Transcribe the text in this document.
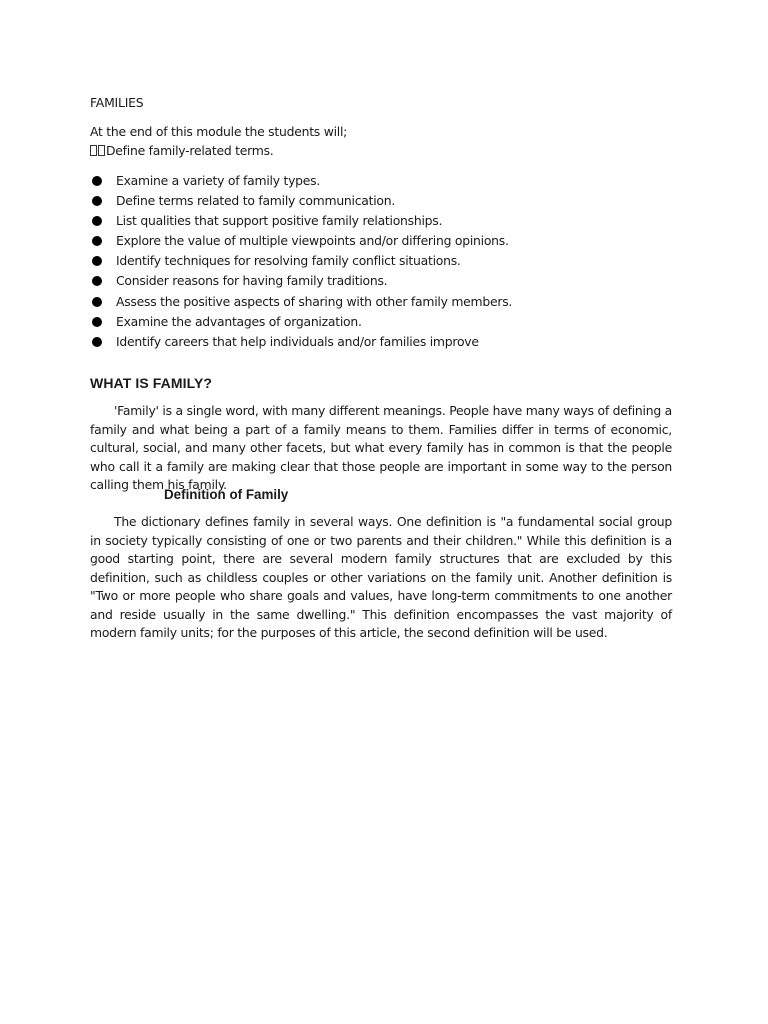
FAMILIES
At the end of this module the students will;
Define family-related terms.
Examine a variety of family types.
Define terms related to family communication.
List qualities that support positive family relationships.
Explore the value of multiple viewpoints and/or differing opinions.
Identify techniques for resolving family conflict situations.
Consider reasons for having family traditions.
Assess the positive aspects of sharing with other family members.
Examine the advantages of organization.
Identify careers that help individuals and/or families improve
WHAT IS FAMILY?

'Family' is a single word, with many different meanings. People have many ways of defining a family and what being a part of a family means to them. Families differ in terms of economic, cultural, social, and many other facets, but what every family has in common is that the people who call it a family are making clear that those people are important in some way to the person calling them his family.

Definition of Family

The dictionary defines family in several ways. One definition is "a fundamental social group in society typically consisting of one or two parents and their children." While this definition is a good starting point, there are several modern family structures that are excluded by this definition, such as childless couples or other variations on the family unit. Another definition is "Two or more people who share goals and values, have long-term commitments to one another and reside usually in the same dwelling." This definition encompasses the vast majority of modern family units; for the purposes of this article, the second definition will be used.
